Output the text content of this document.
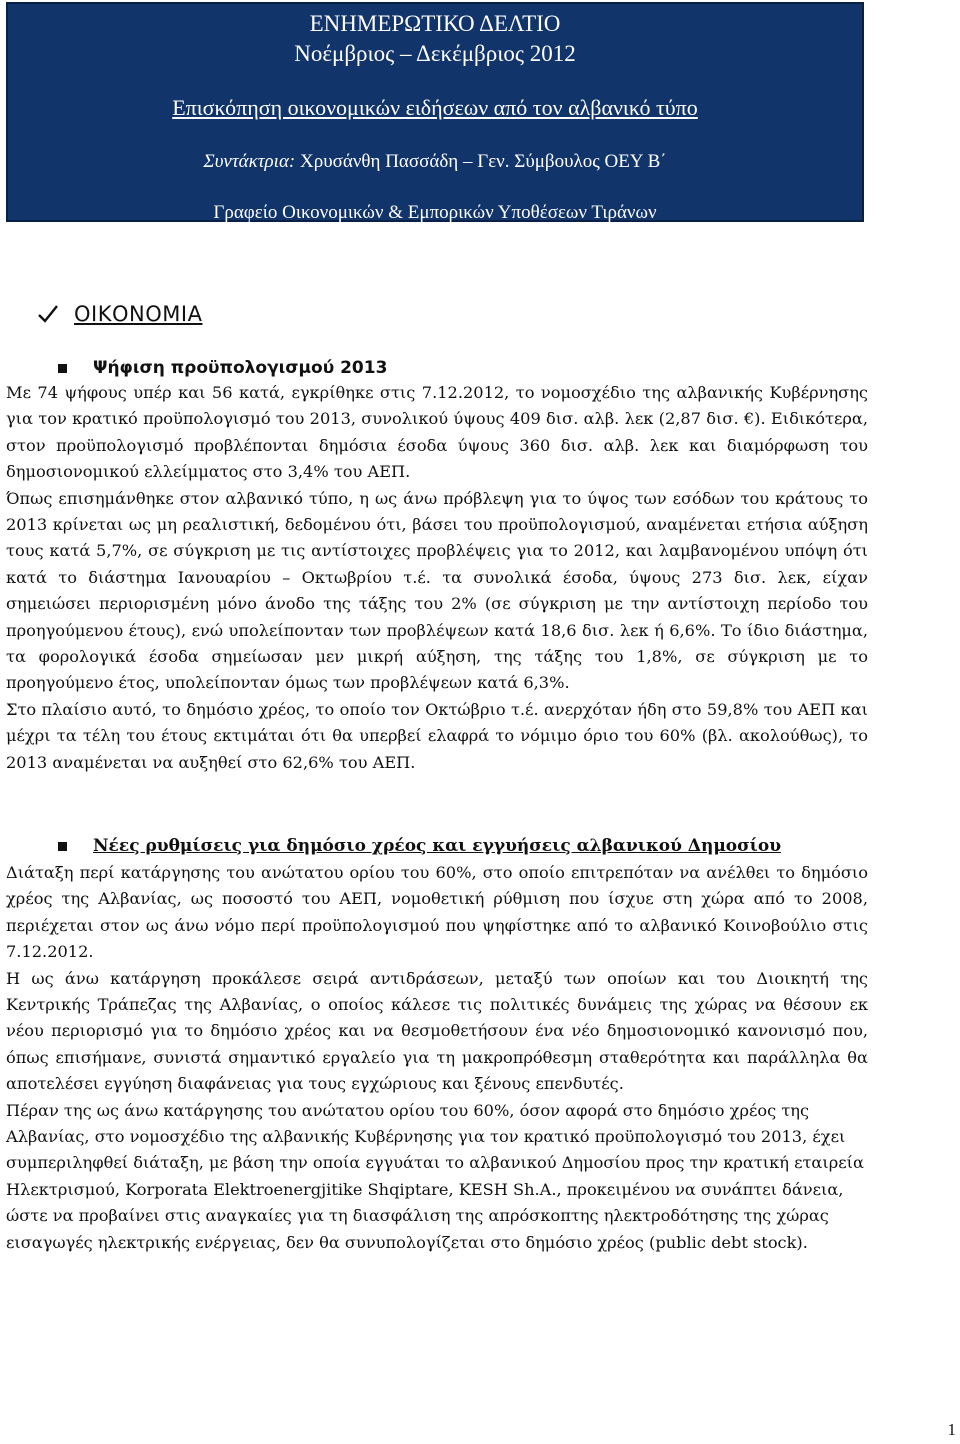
ΕΝΗΜΕΡΩΤΙΚΟ ΔΕΛΤΙΟ
Νοέμβριος – Δεκέμβριος 2012
Επισκόπηση οικονομικών ειδήσεων από τον αλβανικό τύπο
Συντάκτρια: Χρυσάνθη Πασσάδη – Γεν. Σύμβουλος ΟΕΥ Β΄
Γραφείο Οικονομικών & Εμπορικών Υποθέσεων Τιράνων
ΟΙΚΟΝΟΜΙΑ
Ψήφιση προϋπολογισμού 2013

Με 74 ψήφους υπέρ και 56 κατά, εγκρίθηκε στις 7.12.2012, το νομοσχέδιο της αλβανικής Κυβέρνησης για τον κρατικό προϋπολογισμό του 2013, συνολικού ύψους 409 δισ. αλβ. λεκ (2,87 δισ. €). Ειδικότερα, στον προϋπολογισμό προβλέπονται δημόσια έσοδα ύψους 360 δισ. αλβ. λεκ και διαμόρφωση του δημοσιονομικού ελλείμματος στο 3,4% του ΑΕΠ.

Όπως επισημάνθηκε στον αλβανικό τύπο, η ως άνω πρόβλεψη για το ύψος των εσόδων του κράτους το 2013 κρίνεται ως μη ρεαλιστική, δεδομένου ότι, βάσει του προϋπολογισμού, αναμένεται ετήσια αύξηση τους κατά 5,7%, σε σύγκριση με τις αντίστοιχες προβλέψεις για το 2012, και λαμβανομένου υπόψη ότι κατά το διάστημα Ιανουαρίου – Οκτωβρίου τ.έ. τα συνολικά έσοδα, ύψους 273 δισ. λεκ, είχαν σημειώσει περιορισμένη μόνο άνοδο της τάξης του 2% (σε σύγκριση με την αντίστοιχη περίοδο του προηγούμενου έτους), ενώ υπολείπονταν των προβλέψεων κατά 18,6 δισ. λεκ ή 6,6%. Το ίδιο διάστημα, τα φορολογικά έσοδα σημείωσαν μεν μικρή αύξηση, της τάξης του 1,8%, σε σύγκριση με το προηγούμενο έτος, υπολείπονταν όμως των προβλέψεων κατά 6,3%.

Στο πλαίσιο αυτό, το δημόσιο χρέος, το οποίο τον Οκτώβριο τ.έ. ανερχόταν ήδη στο 59,8% του ΑΕΠ και μέχρι τα τέλη του έτους εκτιμάται ότι θα υπερβεί ελαφρά το νόμιμο όριο του 60% (βλ. ακολούθως), το 2013 αναμένεται να αυξηθεί στο 62,6% του ΑΕΠ.

Νέες ρυθμίσεις για δημόσιο χρέος και εγγυήσεις αλβανικού Δημοσίου

Διάταξη περί κατάργησης του ανώτατου ορίου του 60%, στο οποίο επιτρεπόταν να ανέλθει το δημόσιο χρέος της Αλβανίας, ως ποσοστό του ΑΕΠ, νομοθετική ρύθμιση που ίσχυε στη χώρα από το 2008, περιέχεται στον ως άνω νόμο περί προϋπολογισμού που ψηφίστηκε από το αλβανικό Κοινοβούλιο στις 7.12.2012.

Η ως άνω κατάργηση προκάλεσε σειρά αντιδράσεων, μεταξύ των οποίων και του Διοικητή της Κεντρικής Τράπεζας της Αλβανίας, ο οποίος κάλεσε τις πολιτικές δυνάμεις της χώρας να θέσουν εκ νέου περιορισμό για το δημόσιο χρέος και να θεσμοθετήσουν ένα νέο δημοσιονομικό κανονισμό που, όπως επισήμανε, συνιστά σημαντικό εργαλείο για τη μακροπρόθεσμη σταθερότητα και παράλληλα θα αποτελέσει εγγύηση διαφάνειας για τους εγχώριους και ξένους επενδυτές.

Πέραν της ως άνω κατάργησης του ανώτατου ορίου του 60%, όσον αφορά στο δημόσιο χρέος της Αλβανίας, στο νομοσχέδιο της αλβανικής Κυβέρνησης για τον κρατικό προϋπολογισμό του 2013, έχει συμπεριληφθεί διάταξη, με βάση την οποία εγγυάται το αλβανικού Δημοσίου προς την κρατική εταιρεία Ηλεκτρισμού, Korporata Elektroenergjitike Shqiptare, KESH Sh.A., προκειμένου να συνάπτει δάνεια, ώστε να προβαίνει στις αναγκαίες για τη διασφάλιση της απρόσκοπτης ηλεκτροδότησης της χώρας εισαγωγές ηλεκτρικής ενέργειας, δεν θα συνυπολογίζεται στο δημόσιο χρέος (public debt stock).

1
